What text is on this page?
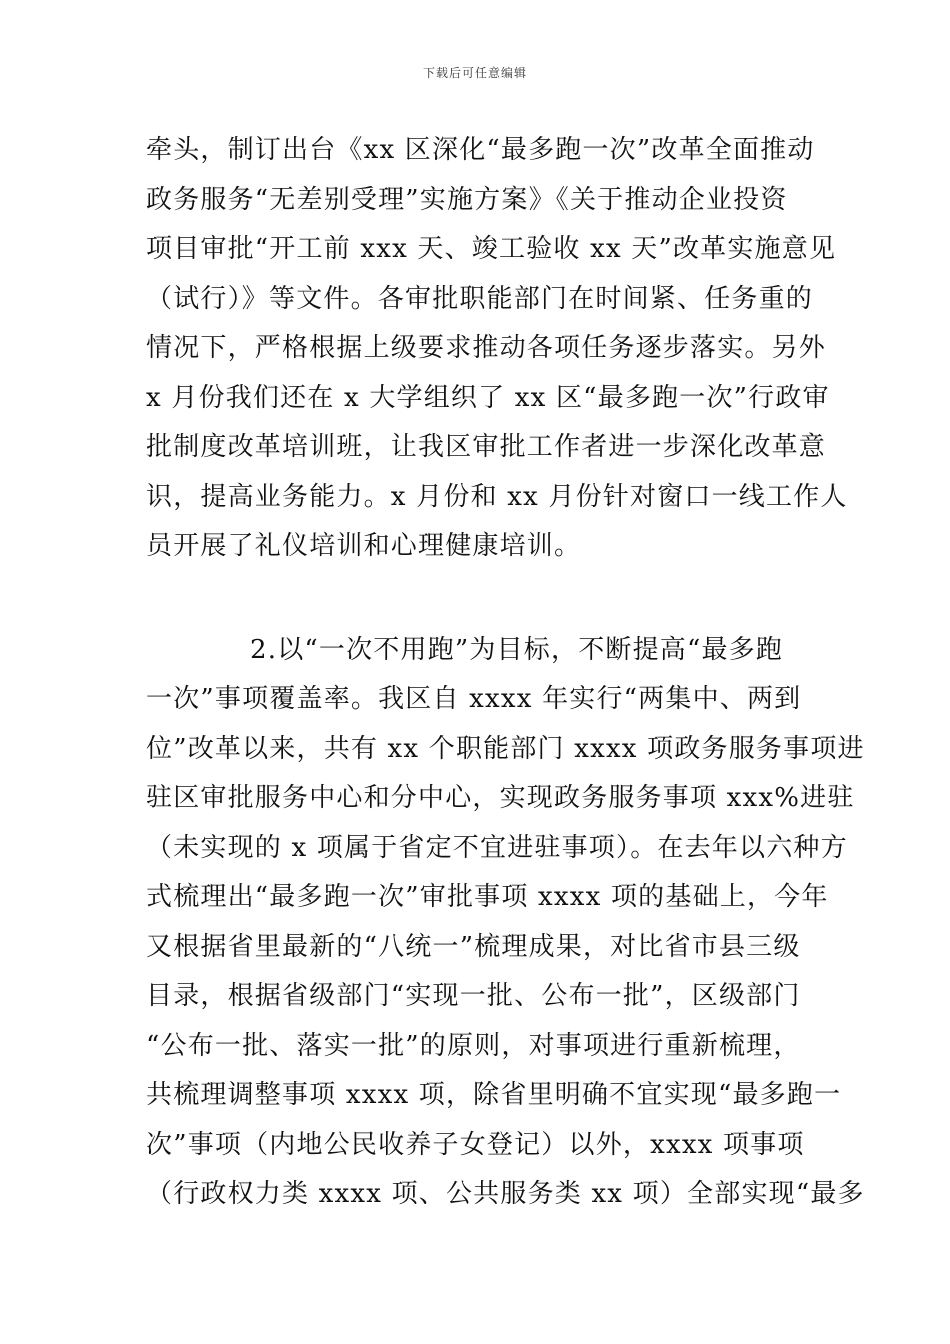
下载后可任意编辑
牵头，制订出台《xx 区深化“最多跑一次”改革全面推动
政务服务“无差别受理”实施方案》《关于推动企业投资
项目审批“开工前 xxx 天、竣工验收 xx 天”改革实施意见
（试行）》等文件。各审批职能部门在时间紧、任务重的
情况下，严格根据上级要求推动各项任务逐步落实。另外
x 月份我们还在 x 大学组织了 xx 区“最多跑一次”行政审
批制度改革培训班，让我区审批工作者进一步深化改革意
识，提高业务能力。x 月份和 xx 月份针对窗口一线工作人
员开展了礼仪培训和心理健康培训。
2.以“一次不用跑”为目标，不断提高“最多跑
一次”事项覆盖率。我区自 xxxx 年实行“两集中、两到
位”改革以来，共有 xx 个职能部门 xxxx 项政务服务事项进
驻区审批服务中心和分中心，实现政务服务事项 xxx%进驻
（未实现的 x 项属于省定不宜进驻事项）。在去年以六种方
式梳理出“最多跑一次”审批事项 xxxx 项的基础上，今年
又根据省里最新的“八统一”梳理成果，对比省市县三级
目录，根据省级部门“实现一批、公布一批”，区级部门
“公布一批、落实一批”的原则，对事项进行重新梳理，
共梳理调整事项 xxxx 项，除省里明确不宜实现“最多跑一
次”事项（内地公民收养子女登记）以外，xxxx 项事项
（行政权力类 xxxx 项、公共服务类 xx 项）全部实现“最多
